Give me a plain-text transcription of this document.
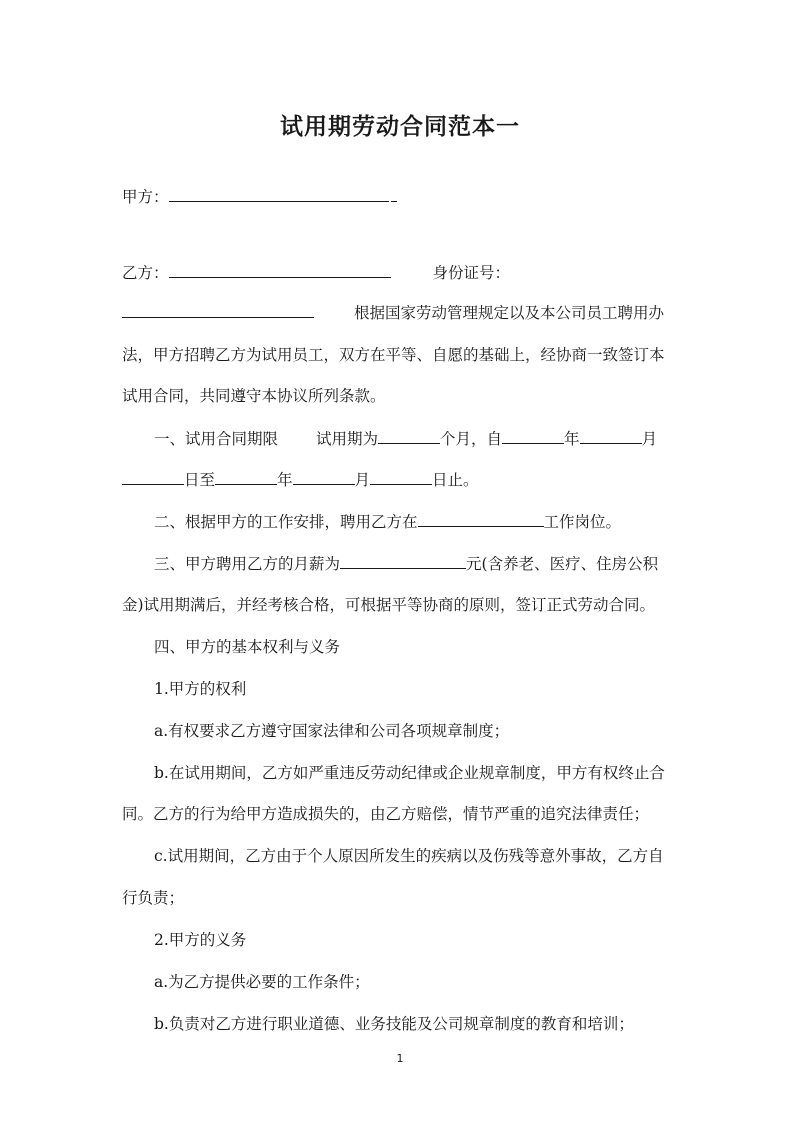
试用期劳动合同范本一
甲方：
乙方：	身份证号：
根据国家劳动管理规定以及本公司员工聘用办
法，甲方招聘乙方为试用员工，双方在平等、自愿的基础上，经协商一致签订本
试用合同，共同遵守本协议所列条款。
一、试用合同期限 试用期为	个月，自	年	月
日至	年	月	日止。
二、根据甲方的工作安排，聘用乙方在	工作岗位。
三、甲方聘用乙方的月薪为	元(含养老、医疗、住房公积
金)试用期满后，并经考核合格，可根据平等协商的原则，签订正式劳动合同。
四、甲方的基本权利与义务
1.甲方的权利
a.有权要求乙方遵守国家法律和公司各项规章制度；
b.在试用期间，乙方如严重违反劳动纪律或企业规章制度，甲方有权终止合
同。乙方的行为给甲方造成损失的，由乙方赔偿，情节严重的追究法律责任；
c.试用期间，乙方由于个人原因所发生的疾病以及伤残等意外事故，乙方自
行负责；
2.甲方的义务
a.为乙方提供必要的工作条件；
b.负责对乙方进行职业道德、业务技能及公司规章制度的教育和培训；
1
